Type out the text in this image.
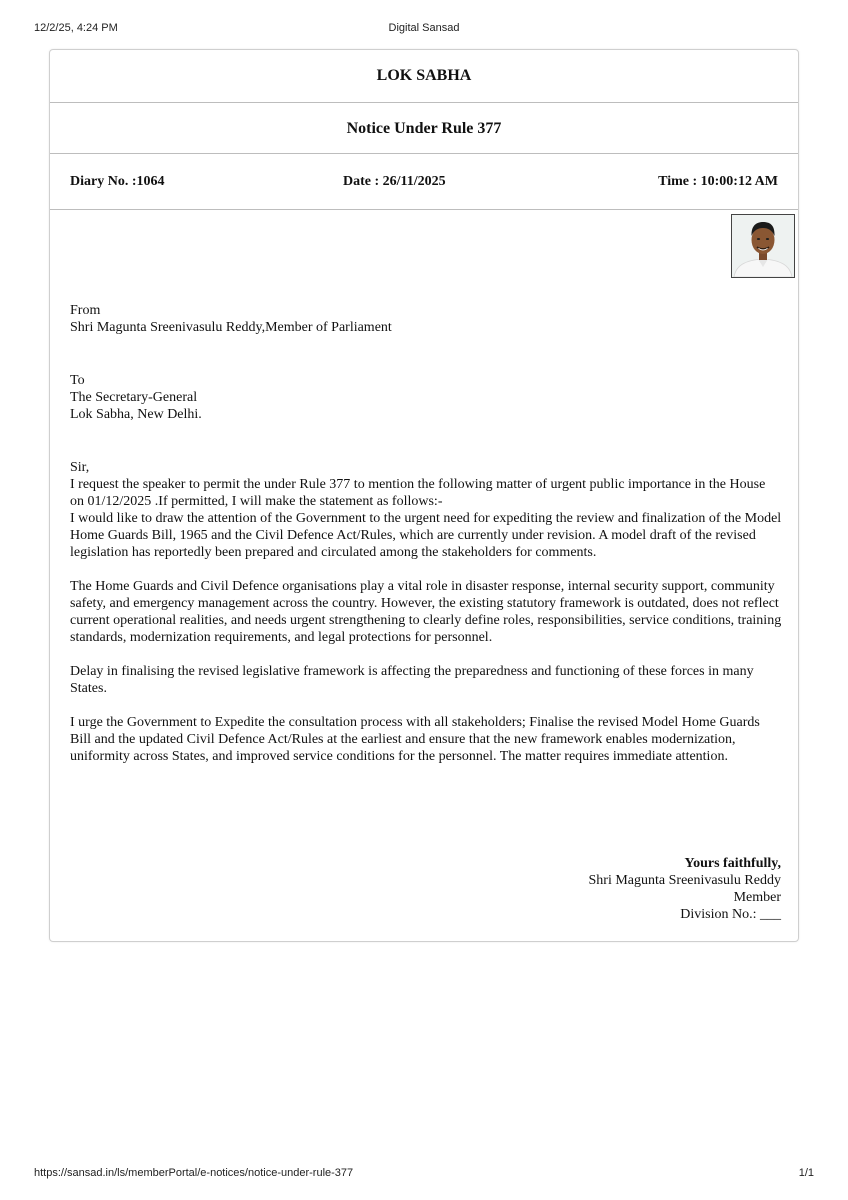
12/2/25, 4:24 PM	Digital Sansad
LOK SABHA
Notice Under Rule 377
Diary No. :1064	Date : 26/11/2025	Time : 10:00:12 AM
From
Shri Magunta Sreenivasulu Reddy,Member of Parliament
To
The Secretary-General
Lok Sabha, New Delhi.

Sir,

I request the speaker to permit the under Rule 377 to mention the following matter of urgent public importance in the House on 01/12/2025 .If permitted, I will make the statement as follows:-

I would like to draw the attention of the Government to the urgent need for expediting the review and finalization of the Model Home Guards Bill, 1965 and the Civil Defence Act/Rules, which are currently under revision. A model draft of the revised legislation has reportedly been prepared and circulated among the stakeholders for comments.

The Home Guards and Civil Defence organisations play a vital role in disaster response, internal security support, community safety, and emergency management across the country. However, the existing statutory framework is outdated, does not reflect current operational realities, and needs urgent strengthening to clearly define roles, responsibilities, service conditions, training standards, modernization requirements, and legal protections for personnel.

Delay in finalising the revised legislative framework is affecting the preparedness and functioning of these forces in many States.

I urge the Government to Expedite the consultation process with all stakeholders; Finalise the revised Model Home Guards Bill and the updated Civil Defence Act/Rules at the earliest and ensure that the new framework enables modernization, uniformity across States, and improved service conditions for the personnel. The matter requires immediate attention.

Yours faithfully,
Shri Magunta Sreenivasulu Reddy
Member
Division No.: ___
https://sansad.in/ls/memberPortal/e-notices/notice-under-rule-377	1/1
